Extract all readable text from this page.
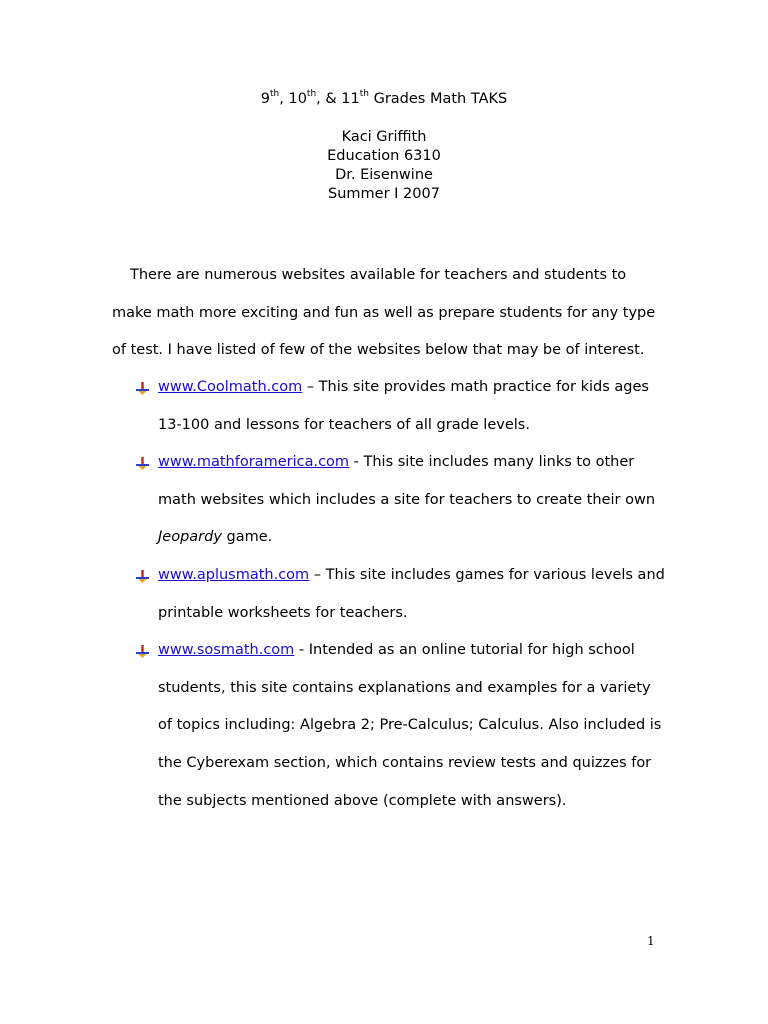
9th, 10th, & 11th Grades Math TAKS
Kaci Griffith
Education 6310
Dr. Eisenwine
Summer I 2007

There are numerous websites available for teachers and students to

make math more exciting and fun as well as prepare students for any type

of test. I have listed of few of the websites below that may be of interest.

www.Coolmath.com – This site provides math practice for kids ages 13-100 and lessons for teachers of all grade levels.
www.mathforamerica.com - This site includes many links to other math websites which includes a site for teachers to create their own Jeopardy game.
www.aplusmath.com – This site includes games for various levels and printable worksheets for teachers.
www.sosmath.com - Intended as an online tutorial for high school students, this site contains explanations and examples for a variety of topics including: Algebra 2; Pre-Calculus; Calculus. Also included is the Cyberexam section, which contains review tests and quizzes for the subjects mentioned above (complete with answers).
1
